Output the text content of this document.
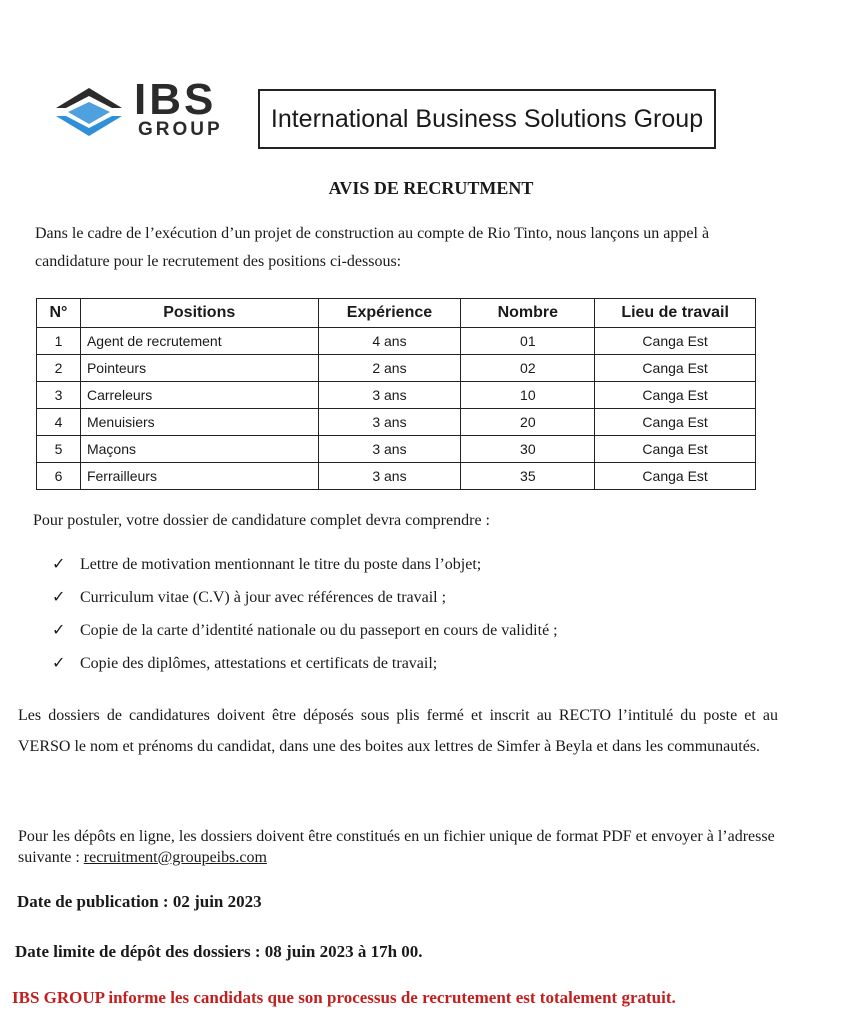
IBS
GROUP	International Business Solutions Group
AVIS DE RECRUTMENT
Dans le cadre de l’exécution d’un projet de construction au compte de Rio Tinto, nous lançons un appel à candidature pour le recrutement des positions ci-dessous:
N°	Positions	Expérience	Nombre	Lieu de travail
1	Agent de recrutement	4 ans	01	Canga Est
2	Pointeurs	2 ans	02	Canga Est
3	Carreleurs	3 ans	10	Canga Est
4	Menuisiers	3 ans	20	Canga Est
5	Maçons	3 ans	30	Canga Est
6	Ferrailleurs	3 ans	35	Canga Est
Pour postuler, votre dossier de candidature complet devra comprendre :
✓ Lettre de motivation mentionnant le titre du poste dans l’objet;
✓ Curriculum vitae (C.V) à jour avec références de travail ;
✓ Copie de la carte d’identité nationale ou du passeport en cours de validité ;
✓ Copie des diplômes, attestations et certificats de travail;
Les dossiers de candidatures doivent être déposés sous plis fermé et inscrit au RECTO l’intitulé du poste et au VERSO le nom et prénoms du candidat, dans une des boites aux lettres de Simfer à Beyla et dans les communautés.
Pour les dépôts en ligne, les dossiers doivent être constitués en un fichier unique de format PDF et envoyer à l’adresse suivante : recruitment@groupeibs.com
Date de publication : 02 juin 2023
Date limite de dépôt des dossiers : 08 juin 2023 à 17h 00.
IBS GROUP informe les candidats que son processus de recrutement est totalement gratuit.
